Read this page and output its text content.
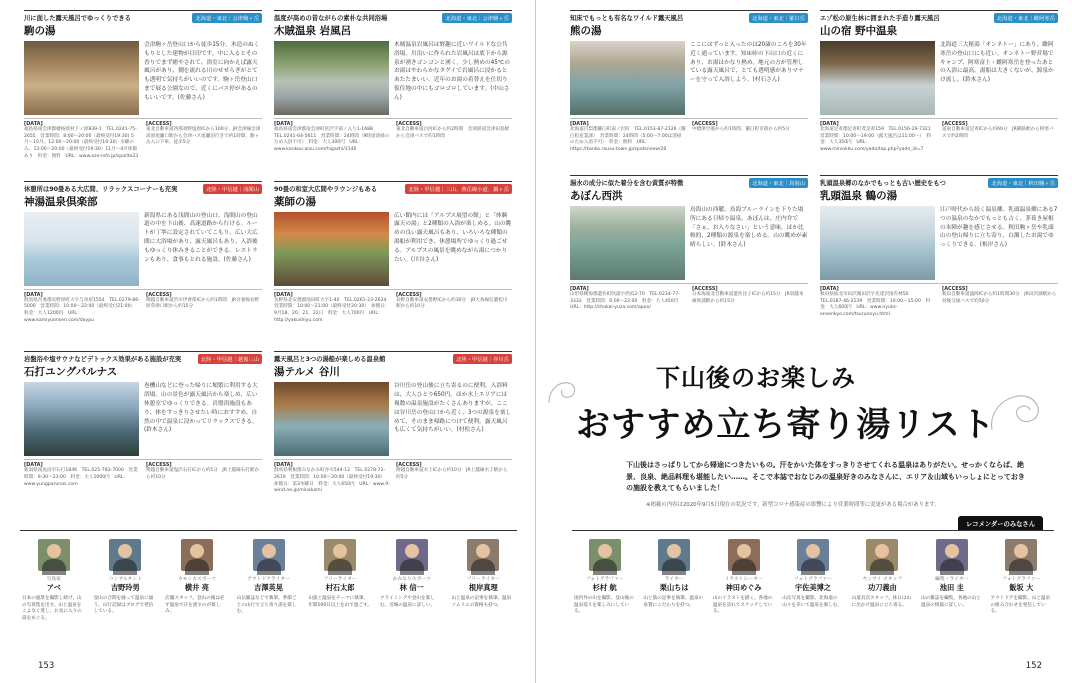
川に面した露天風呂でゆっくりできる	北海道・東北｜会津駒ヶ岳
駒の湯
会津駒ヶ岳登山口から徒歩15分。木造のぬくもりとした建物が目印です。中に入るとその香りでまず癒やされて、浴室に向かえば露天風呂があり、側を流れる川のせせらぎがとても透明で気持ちがいいのです。駒ヶ岳登山口まで展る公園なので、近くにバス停があるのもいいです。(佐藤さん)
[DATA]
福島県南会津郡檜枝岐村下ノ原839-1　TEL.0241-75-2655　営業時間：8:00〜20:00（最終受付19:30) 5月〜10月、12:00〜20:00（最終受付19:30）水曜のみ、13:00〜20:00（最終受付19:30）11月〜4月休館あり　料金：無料　URL：www.oze-info.jp/spa/ito23
[ACCESS]
東北自動車道西那須野塩原ICから100分、JR会津線会津高原尾瀬口駅から会津バス尾瀬沼行きで約1時間、駒ヶ岳入口下車、徒歩5分
温度が高めの昔ながらの素朴な共同浴場	北海道・東北｜会津駒ヶ岳
木賊温泉 岩風呂
木賊温泉岩風呂は野趣に近いワイルドな公共浴場。川沿いに作られた岩風呂は底下から源泉が湧きゴンゴンと湧く。少し熱めの45℃のお湯はやわらかなタグイで岩風呂に浸かるとあたたまいい。近年のお湯の着替えを仕切り仮住地の中にもゴロゴロしています。(中山さん)
[DATA]
福島県南会津郡南会津町宮沢字湯ノ入り1-1688　TEL.0241-64-5611　営業時間：24時間（9時頃清掃のため入浴不可）　料金：大人300円　URL：www.kankou-aizu.com/higashi/3146
[ACCESS]
東北自動車道白河ICから約2時間　会津鉄道会津田島駅から会津バスで約1時間
休憩所は90畳ある大広間、リラックスコーナーも充実	北陸・甲信越｜浅間山
神湯温泉倶楽部
新潟県にある浅間山の登山口。浅間山の登山道の中を下山後、高速道路から行ける。ルートが丁寧に設定されていてこもり。広い大広間に大浴場があり、露天風呂もあり、入浴後もゆっくり休みきることができる。レストランもあり、食事もとれる施設。(佐藤さん)
[DATA]
群馬県吾妻郡長野原町大字与喜屋1554　TEL.0279-86-5000　営業時間：10:00〜22:00（最終受付21:00）　料金：大人1200円　URL：www.kamiyuonsen.com/daypu
[ACCESS]
関越自動車道渋川伊香保ICから約1時間　JR吾妻線長野原草津口駅から約15分
90畳の和室大広間やラウンジもある	北陸・甲信越｜三山、燕岳線小道、鍋ヶ岳
薬師の湯
広い館内には「アルプス展望の館」と「体験露天の湯」と2種類の入浴が楽しめる。山の眺めの良い露天風呂もあり、いろいろな種類の湯船が利用でき、休憩場所でゆっくり過ごせる。アルプスの風景を眺めながら湯につかりたい。(川谷さん)
[DATA]
長野県北安曇郡池田町大字1-40　TEL.0261-23-2624　営業時間：10:00〜21:00（最終受付20:30）　休館日：9月18、20、21、22日　料金：大人700円　URL：http://yakushiyu.com
[ACCESS]
長野自動車道安曇野ICから約30分　JR大糸線信濃松川駅から約10分
岩盤浴や塩サウナなどデトックス効果がある施設が充実	北陸・甲信越｜越後三山
石打ユングパルナス
巻機山などに登った帰りに頻繁に利用する大浴場。山の景色が露天風呂から楽しめ、広い休憩室でゆっくりできる。岩盤浴施設もあり、体をすっきりさせたい時におすすめ。自然の中で温泉に浸かってリラックスできる。(鈴木さん)
[DATA]
新潟県南魚沼市石打1846　TEL.025-783-7000　営業時間：9:30〜23:00　料金：大人1000円　URL：www.yungparunas.com
[ACCESS]
関越自動車道塩沢石打ICから約5分　JR上越線石打駅から約10分
露天風呂と3つの湯船が楽しめる温泉館	北陸・甲信越｜谷川岳
湯テルメ 谷川
谷川岳の登山後に立ち寄るのに便利。入浴料は、大人ひとり650円。ほか水上エリアには複数の温泉施設がたくさんありますが、ここは谷川岳の登山口から近く、3つの源泉を楽しめて、そのまま帰路につけて便利。露天風呂も広くて気持ちがいい。(村松さん)
[DATA]
群馬県利根郡みなかみ町谷川544-12　TEL.0278-72-2619　営業時間：10:00〜20:00（最終受付19:30）　休館日：第3木曜日　料金：大人650円　URL：www.9-wind.ne.jp/minakami
[ACCESS]
関越自動車道水上ICから約10分　JR上越線水上駅から約5分
写真家
アベ
日本の風景を撮影し続け、山の写真集を出す。山と温泉をこよなく愛し、お気に入りの湯をめぐる。
コンサルタント
吉野玲男
登山の合間を縫って温泉に通う。山行記録はブログで発信している。
カモシカスポーツ
横井 亮
店舗スタッフ。登山の後は必ず温泉で汗を流すのが楽しみ。
アウトドアライター
吉澤英晃
山岳雑誌などで執筆。季節ごとの山行で立ち寄り湯を楽しむ。
フリーライター
村石太郎
山旅と温泉をテーマに執筆。年間100日以上を山で過ごす。
かみなりスポーツ
林 信一
クライミングや登山を楽しむ。近場の温泉に詳しい。
フリーライター
根岸真理
山と温泉の記事を執筆。温泉ソムリエの資格も持つ。
153
知床でもっとも有名なワイルド露天風呂	北海道・東北｜羅臼岳
熊の湯
ここにはずっと入ったのは20歳のころを30年近く通っています。知床峠の下山口の近くにあり、お湯はかなり熱め。地元の方が管理している露天風呂で、とても透明感がありマナーを守って入浴しよう。(村石さん)
[DATA]
北海道目梨郡羅臼町湯ノ沢町　TEL.0153-87-2126（羅臼町産業課）　営業時間：24時間（5:00〜7:00は清掃のため入浴不可）　料金：無料　URL：https://kanko.rausu-town.jp/spots/view/28
[ACCESS]
中標津空港から約1時間、羅臼町市街から約5分
エゾ松の原生林に囲まれた手造り露天風呂	北海道・東北｜雌阿寒岳
山の宿 野中温泉
北海道三大秘湯「オンネトー」にあり、雌阿寒岳の登山口にも近い。オンネトー野営場でキャンプ、阿寒富士・雌阿寒岳を登ったあとの入浴に最高。湯船は大きくないが、源泉かけ流し。(鈴木さん)
[DATA]
北海道足寄郡足寄町茂足寄159　TEL.0156-29-7321　営業時間：10:00〜19:00（露天風呂は11:00〜）　料金：大人350円　URL：www.miniokku.com/yado/top.php?yado_id=7
[ACCESS]
道東自動車道足寄ICから約60分　JR釧路駅から阿寒バスで約2時間
湯水の成分に似た着分を含む黄質が特徴	北海道・東北｜鳥海山
あぼん西洪
鳥海山の西麓、鳥海ブルーラインを下りた場所にある日帰り温泉。あぼんは、庄内弁で「さぁ、お入りなさい」という意味。ほか比較的、2種類の源泉を楽しめる。山の眺めが素晴らしい。(鈴木さん)
[DATA]
山形県飽海郡遊佐町吹浦字西浜2-70　TEL.0234-77-3333　営業時間：6:00〜22:00　料金：大人450円　URL：http://chokai-yuza.com/apon/
[ACCESS]
日本海東北自動車道遊佐比子ICから約15分　JR羽越本線吹浦駅から約15分
乳頭温泉郷のなかでもっとも古い歴史をもつ	北海道・東北｜秋田駒ヶ岳
乳頭温泉 鶴の湯
江戸時代から続く温泉郷。乳頭温泉郷にある7つの温泉のなかでもっとも古く、茅葺き屋根の本陣が趣を感じさせる。秋田駒ヶ岳や乳頭山の登山帰りに立ち寄り、白濁したお湯でゆっくりできる。(根岸さん)
[DATA]
秋田県仙北市田沢湖田沢字先達沢国有林50　TEL.0187-46-2139　営業時間：10:00〜15:00　料金：大人600円　URL：www.nyuto-onsenkyo.com/tsurunoyu.html
[ACCESS]
秋田自動車道盛岡ICから約1時間30分　JR田沢湖駅から羽後交通バスで約50分
下山後のお楽しみ
おすすめ立ち寄り湯リスト
下山後はさっぱりしてから帰途につきたいもの。汗をかいた体をすっきりさせてくれる温泉はありがたい。せっかくならば、絶景、良泉、絶品料理も堪能したい……。そこで本誌でおなじみの温泉好きのみなさんに、エリア＆山域もいっしょにとっておきの施設を教えてもらいました！
※掲載の内容は2020年9月5日現在の状況です。新型コロナ感染症の影響により営業時間等に変更がある場合があります。
レコメンダーのみなさん
フォトグラファー
杉村 航
国内外の山を撮影。登山後の温泉巡りを楽しみにしている。
ライター
栗山ちは
山と旅の記事を執筆。温泉の泉質にこだわりを持つ。
イラストレーター
神田めぐみ
山のイラストを描く。各地の温泉を訪れてスケッチしている。
フォトグラファー
宇佐美博之
山岳写真を撮影。北海道の山々を歩いて温泉を楽しむ。
ヤンサイ スタッフ
功刀義由
山道具店スタッフ。休日は山に出かけ温泉に立ち寄る。
編集・ライター
池田 圭
山の雑誌を編集。各地の山と温泉の情報に詳しい。
フォトグラファー
飯坂 大
アウトドアを撮影。山と温泉の組み合わせを発信している。
152
